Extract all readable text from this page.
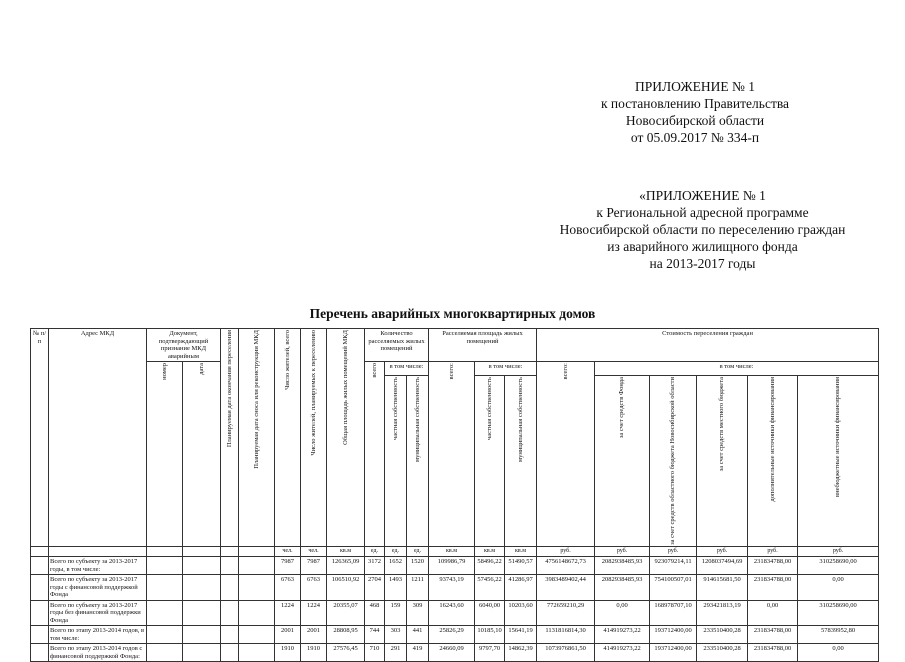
ПРИЛОЖЕНИЕ № 1
к постановлению Правительства
Новосибирской области
от 05.09.2017 № 334-п
«ПРИЛОЖЕНИЕ № 1
к Региональной адресной программе
Новосибирской области по переселению граждан
из аварийного жилищного фонда
на 2013-2017 годы
Перечень аварийных многоквартирных домов
№ п/п	Адрес МКД	Документ, подтверждающий признание МКД аварийным		Планируемая дата окончания переселения	Планируемая дата сноса или реконструкции МКД	Число жителей, всего	Число жителей, планируемых к переселению	Общая площадь жилых помещений МКД	Количество расселяемых жилых помещений			Расселяемая площадь жилых помещений			Стоимость переселения граждан					

		номер	дата						всего	в том числе:		всего:	в том числе:		всего:	в том числе:				

										частная собственность	муниципальная собственность		частная собственность	муниципальная собственность		за счет средств Фонда	за счет средств областного бюджета Новосибирской области	за счет средств местного бюджета	дополнительные источники финансирования	внебюджетные источники финансирования

						чел.	чел.	кв.м	ед.	ед.	ед.	кв.м	кв.м	кв.м	руб.	руб.	руб.	руб.	руб.	руб.
	Всего по субъекту за 2013-2017 годы, в том числе:					7987	7987	126365,09	3172	1652	1520	109986,79	58496,22	51490,57	4756148672,73	2082938485,93	923079214,11	1208037494,69	231834788,00	310258690,00
	Всего по субъекту за 2013-2017 годы с финансовой поддержкой Фонда					6763	6763	106510,92	2704	1493	1211	93743,19	57456,22	41286,97	3983489402,44	2082938485,93	754100507,01	914615681,50	231834788,00	0,00
	Всего по субъекту за 2013-2017 годы без финансовой поддержки Фонда					1224	1224	20355,07	468	159	309	16243,60	6040,00	10203,60	772659210,29	0,00	168978707,10	293421813,19	0,00	310258690,00
	Всего по этапу 2013-2014 годов, в том числе:					2001	2001	28808,95	744	303	441	25826,29	10185,10	15641,19	1131816814,30	414919273,22	193712400,00	233510400,28	231834788,00	57839952,80
	Всего по этапу 2013-2014 годов с финансовой поддержкой Фонда:					1910	1910	27576,45	710	291	419	24660,09	9797,70	14862,39	1073976861,50	414919273,22	193712400,00	233510400,28	231834788,00	0,00
